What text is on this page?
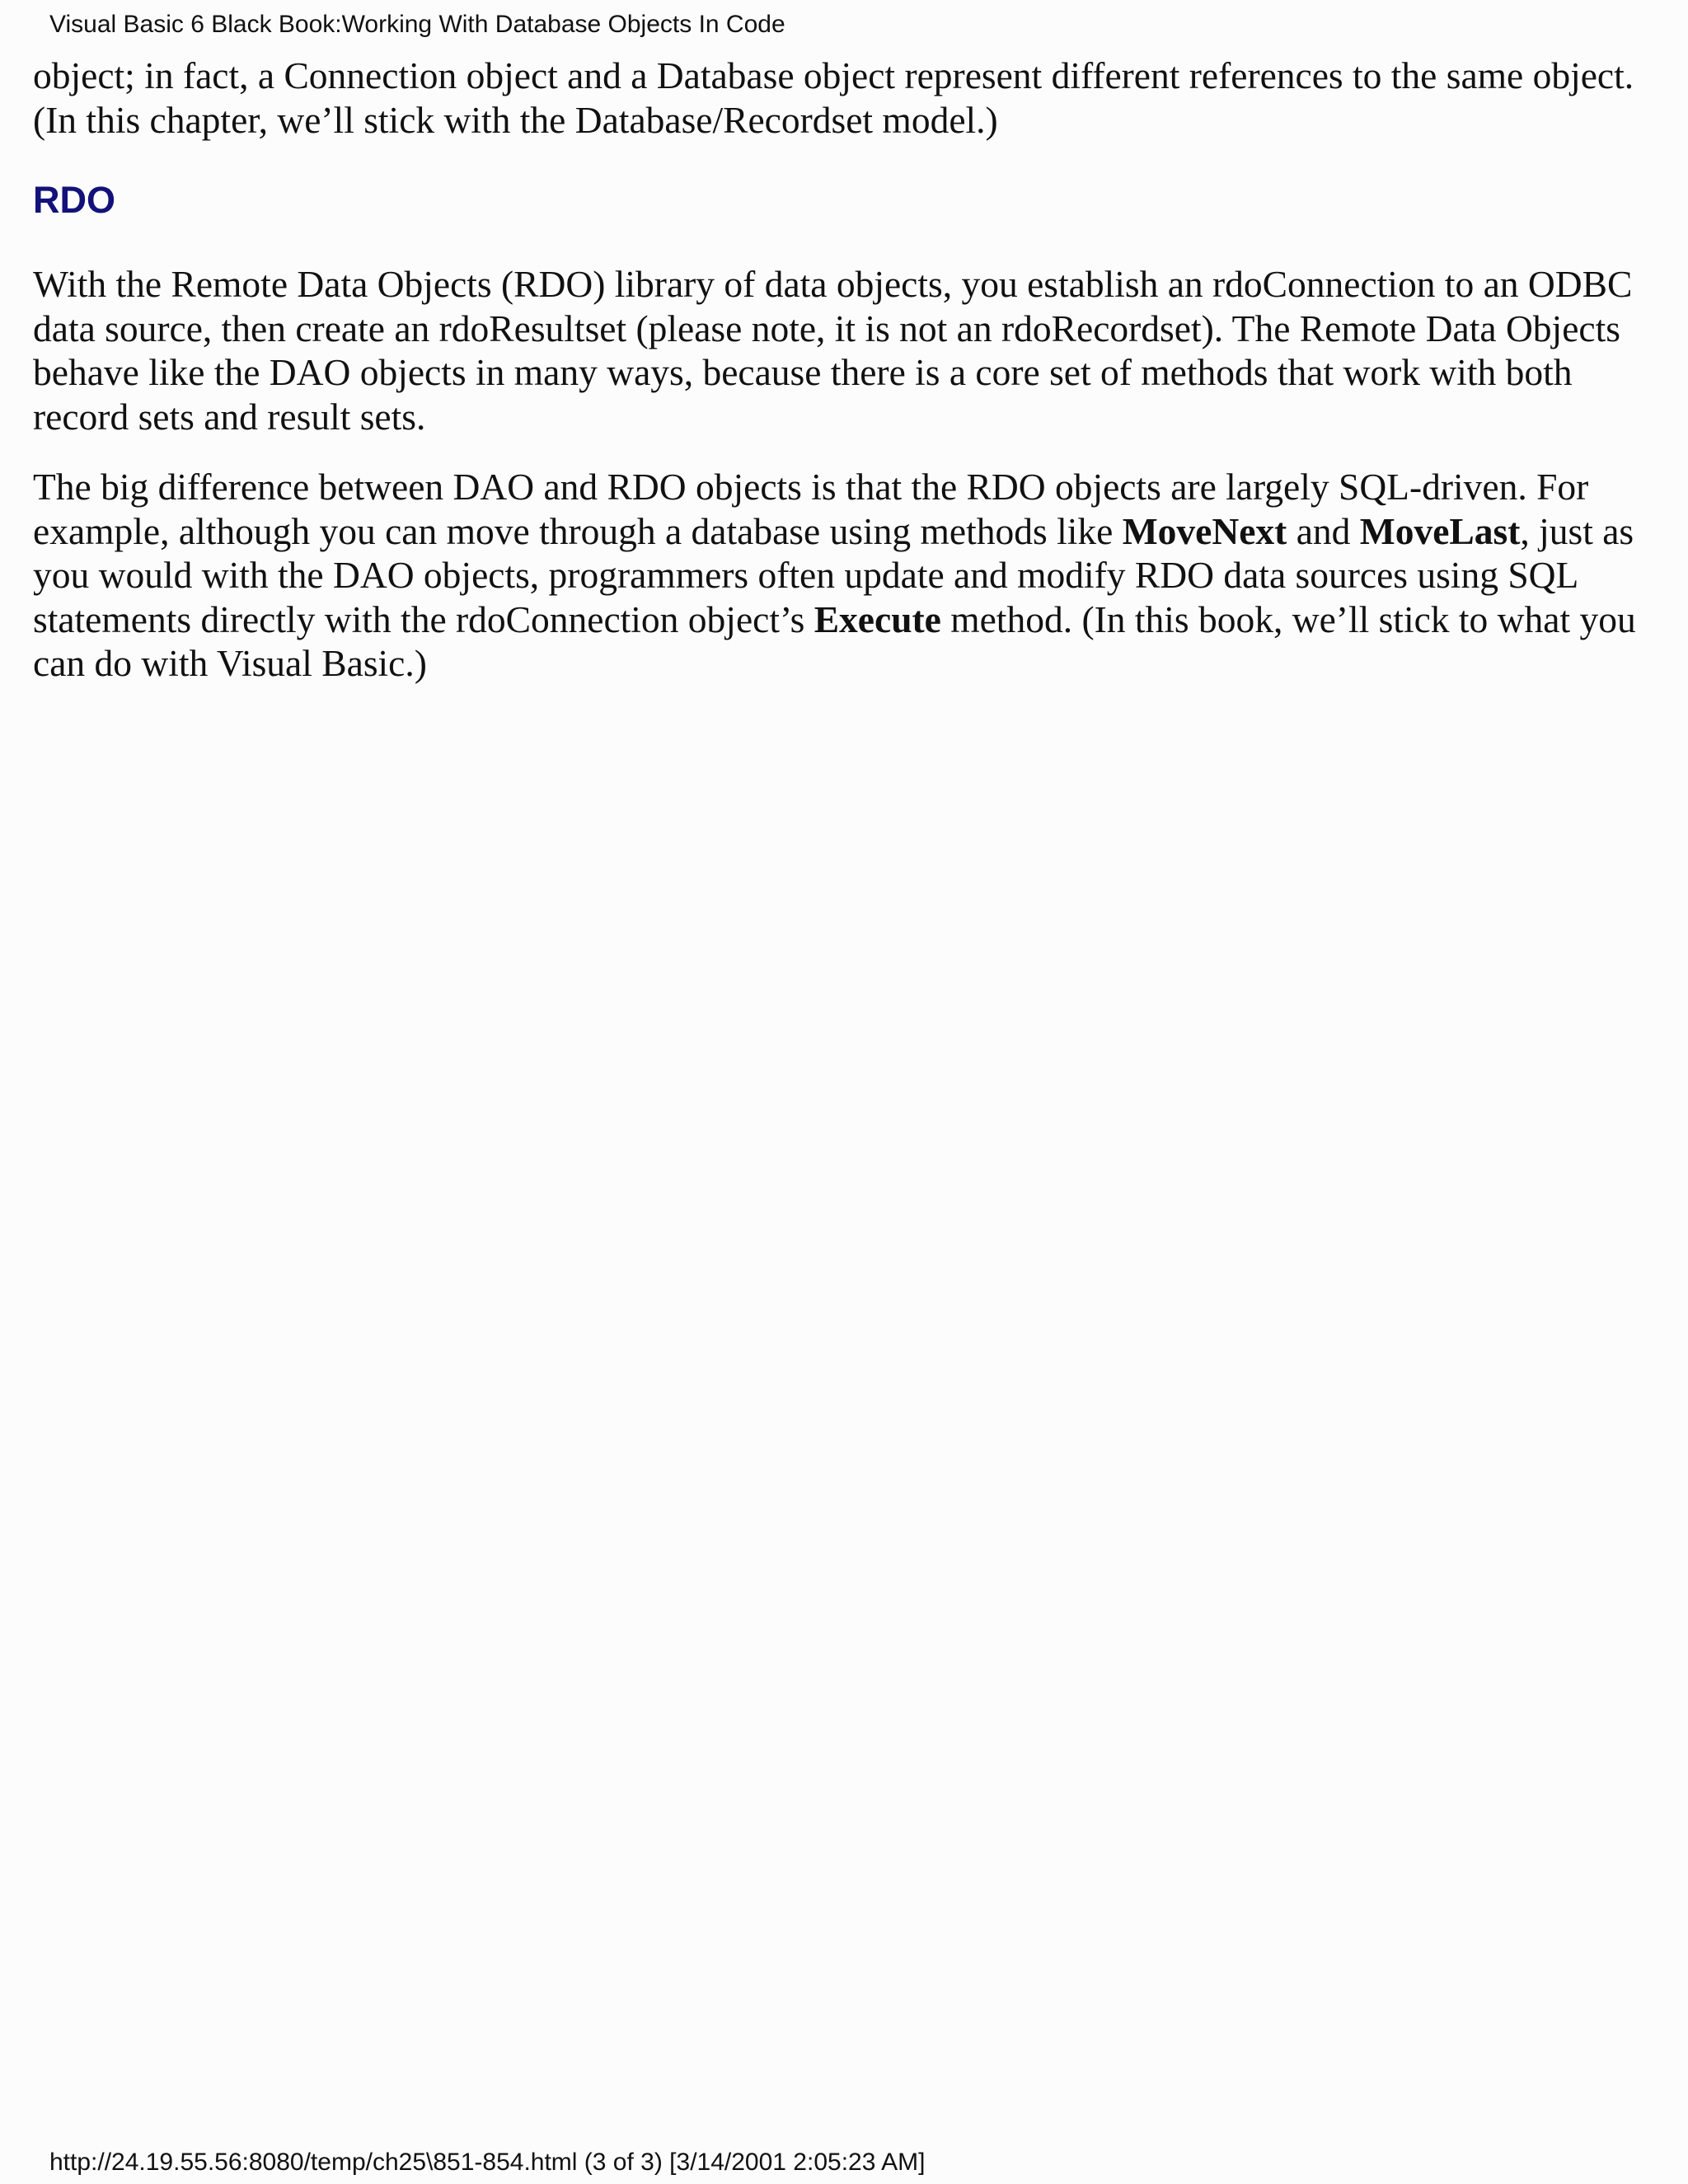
Visual Basic 6 Black Book:Working With Database Objects In Code

object; in fact, a Connection object and a Database object represent different references to the same object. (In this chapter, we’ll stick with the Database/Recordset model.)

RDO

With the Remote Data Objects (RDO) library of data objects, you establish an rdoConnection to an ODBC data source, then create an rdoResultset (please note, it is not an rdoRecordset). The Remote Data Objects behave like the DAO objects in many ways, because there is a core set of methods that work with both record sets and result sets.

The big difference between DAO and RDO objects is that the RDO objects are largely SQL-driven. For example, although you can move through a database using methods like MoveNext and MoveLast, just as you would with the DAO objects, programmers often update and modify RDO data sources using SQL statements directly with the rdoConnection object’s Execute method. (In this book, we’ll stick to what you can do with Visual Basic.)

http://24.19.55.56:8080/temp/ch25\851-854.html (3 of 3) [3/14/2001 2:05:23 AM]
